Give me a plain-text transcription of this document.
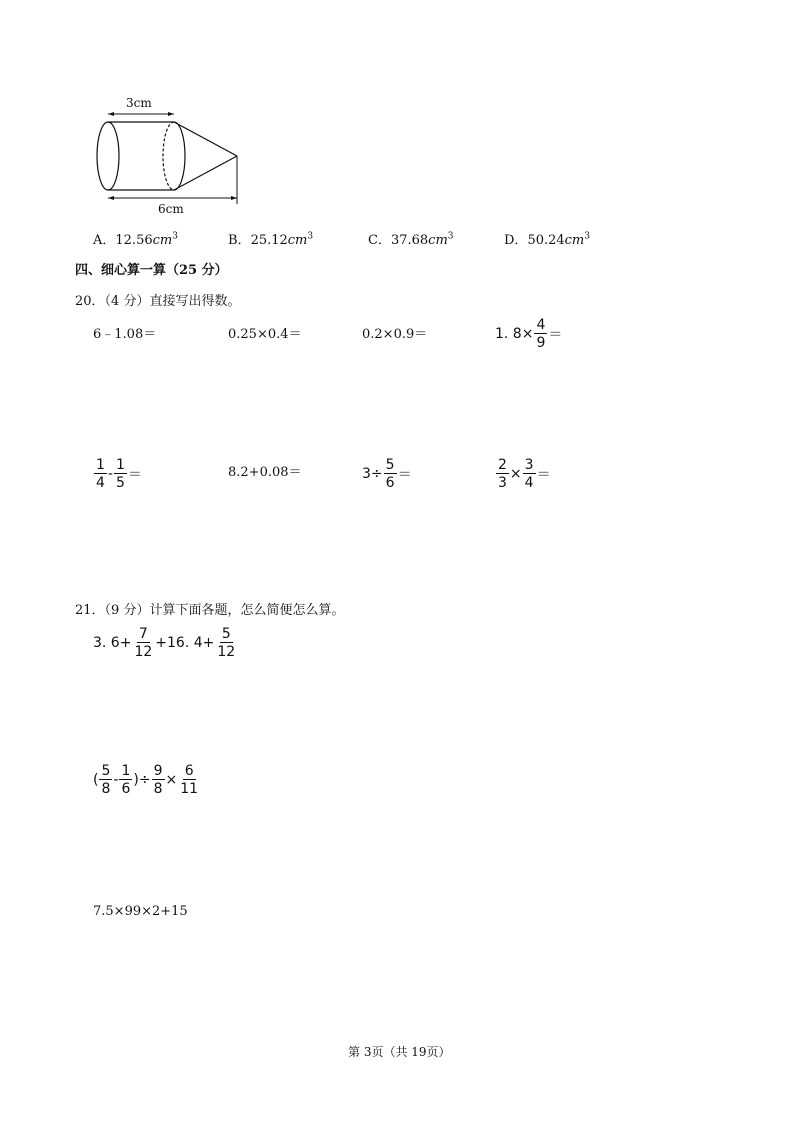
3cm
6cm
A．$12.56cm^3$	B．$25.12cm^3$	C．$37.68cm^3$	D．$50.24cm^3$
四、细心算一算（25 分）
20．（4 分）直接写出得数。
6﹣1.08＝	0.25×0.4＝	0.2×0.9＝	1. $8\times \frac{4}{9}$ ＝
$\frac{1}{4} - \frac{1}{5}$ ＝	8.2+0.08＝	$3\div \frac{5}{6}$ ＝	$\frac{2}{3} \times \frac{3}{4}$ ＝
21．（9 分）计算下面各题，怎么简便怎么算。
3. $6+ \frac{7}{12} +16$. $4+ \frac{5}{12}$
( $\frac{5}{8} - \frac{1}{6}$ )÷ $\frac{9}{8} \times \frac{6}{11}$
7.5×99×2+15
第 3页（共 19页）
